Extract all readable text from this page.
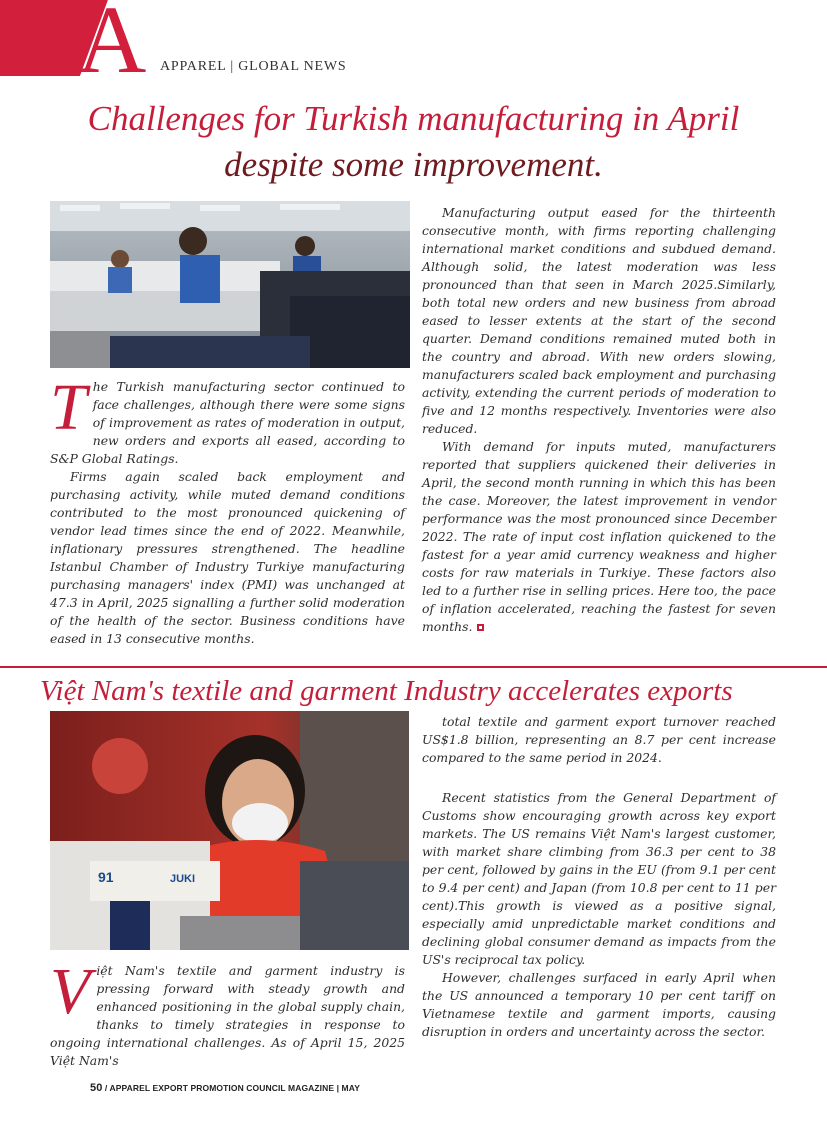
A APPAREL | GLOBAL NEWS
Challenges for Turkish manufacturing in April
despite some improvement.

The Turkish manufacturing sector continued to face challenges, although there were some signs of improvement as rates of moderation in output, new orders and exports all eased, according to S&P Global Ratings.

Firms again scaled back employment and purchasing activity, while muted demand conditions contributed to the most pronounced quickening of vendor lead times since the end of 2022. Meanwhile, inflationary pressures strengthened. The headline Istanbul Chamber of Industry Turkiye manufacturing purchasing managers' index (PMI) was unchanged at 47.3 in April, 2025 signalling a further solid moderation of the health of the sector. Business conditions have eased in 13 consecutive months.

Manufacturing output eased for the thirteenth consecutive month, with firms reporting challenging international market conditions and subdued demand. Although solid, the latest moderation was less pronounced than that seen in March 2025.Similarly, both total new orders and new business from abroad eased to lesser extents at the start of the second quarter. Demand conditions remained muted both in the country and abroad. With new orders slowing, manufacturers scaled back employment and purchasing activity, extending the current periods of moderation to five and 12 months respectively. Inventories were also reduced.

With demand for inputs muted, manufacturers reported that suppliers quickened their deliveries in April, the second month running in which this has been the case. Moreover, the latest improvement in vendor performance was the most pronounced since December 2022. The rate of input cost inflation quickened to the fastest for a year amid currency weakness and higher costs for raw materials in Turkiye. These factors also led to a further rise in selling prices. Here too, the pace of inflation accelerated, reaching the fastest for seven months.

Việt Nam's textile and garment Industry accelerates exports
91	JUKI

Việt Nam's textile and garment industry is pressing forward with steady growth and enhanced positioning in the global supply chain, thanks to timely strategies in response to ongoing international challenges. As of April 15, 2025 Việt Nam's

total textile and garment export turnover reached US$1.8 billion, representing an 8.7 per cent increase compared to the same period in 2024.

Recent statistics from the General Department of Customs show encouraging growth across key export markets. The US remains Việt Nam's largest customer, with market share climbing from 36.3 per cent to 38 per cent, followed by gains in the EU (from 9.1 per cent to 9.4 per cent) and Japan (from 10.8 per cent to 11 per cent).This growth is viewed as a positive signal, especially amid unpredictable market conditions and declining global consumer demand as impacts from the US's reciprocal tax policy.

However, challenges surfaced in early April when the US announced a temporary 10 per cent tariff on Vietnamese textile and garment imports, causing disruption in orders and uncertainty across the sector.

50 / APPAREL EXPORT PROMOTION COUNCIL MAGAZINE | MAY
